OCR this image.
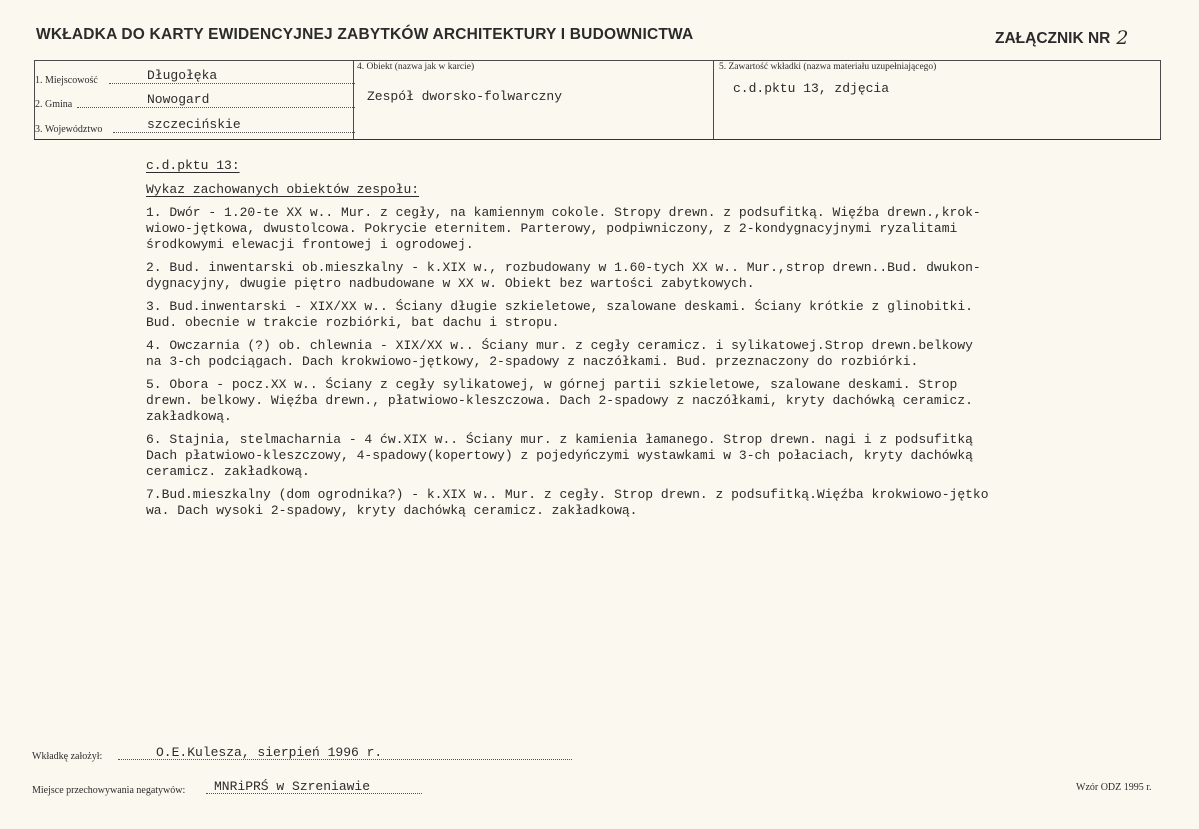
WKŁADKA DO KARTY EWIDENCYJNEJ ZABYTKÓW ARCHITEKTURY I BUDOWNICTWA	ZAŁĄCZNIK NR 2
1. Miejscowość	Długołęka
2. Gmina	Nowogard
3. Województwo	szczecińskie
4. Obiekt (nazwa jak w karcie)
Zespół dworsko-folwarczny
5. Zawartość wkładki (nazwa materiału uzupełniającego)
c.d.pktu 13, zdjęcia
c.d.pktu 13:
Wykaz zachowanych obiektów zespołu:
1. Dwór - 1.20-te XX w.. Mur. z cegły, na kamiennym cokole. Stropy drewn. z podsufitką. Więźba drewn.,krok-
wiowo-jętkowa, dwustolcowa. Pokrycie eternitem. Parterowy, podpiwniczony, z 2-kondygnacyjnymi ryzalitami
środkowymi elewacji frontowej i ogrodowej.
2. Bud. inwentarski ob.mieszkalny - k.XIX w., rozbudowany w 1.60-tych XX w.. Mur.,strop drewn..Bud. dwukon-
dygnacyjny, dwugie piętro nadbudowane w XX w. Obiekt bez wartości zabytkowych.
3. Bud.inwentarski - XIX/XX w.. Ściany długie szkieletowe, szalowane deskami. Ściany krótkie z glinobitki.
Bud. obecnie w trakcie rozbiórki, bat dachu i stropu.
4. Owczarnia (?) ob. chlewnia - XIX/XX w.. Ściany mur. z cegły ceramicz. i sylikatowej.Strop drewn.belkowy
na 3-ch podciągach. Dach krokwiowo-jętkowy, 2-spadowy z naczółkami. Bud. przeznaczony do rozbiórki.
5. Obora - pocz.XX w.. Ściany z cegły sylikatowej, w górnej partii szkieletowe, szalowane deskami. Strop
drewn. belkowy. Więźba drewn., płatwiowo-kleszczowa. Dach 2-spadowy z naczółkami, kryty dachówką ceramicz.
zakładkową.
6. Stajnia, stelmacharnia - 4 ćw.XIX w.. Ściany mur. z kamienia łamanego. Strop drewn. nagi i z podsufitką
Dach płatwiowo-kleszczowy, 4-spadowy(kopertowy) z pojedyńczymi wystawkami w 3-ch połaciach, kryty dachówką
ceramicz. zakładkową.
7.Bud.mieszkalny (dom ogrodnika?) - k.XIX w.. Mur. z cegły. Strop drewn. z podsufitką.Więźba krokwiowo-jętko
wa. Dach wysoki 2-spadowy, kryty dachówką ceramicz. zakładkową.
Wkładkę założył:	O.E.Kulesza, sierpień 1996 r.
Miejsce przechowywania negatywów: MNRiPRŚ w Szreniawie	Wzór ODZ 1995 r.
